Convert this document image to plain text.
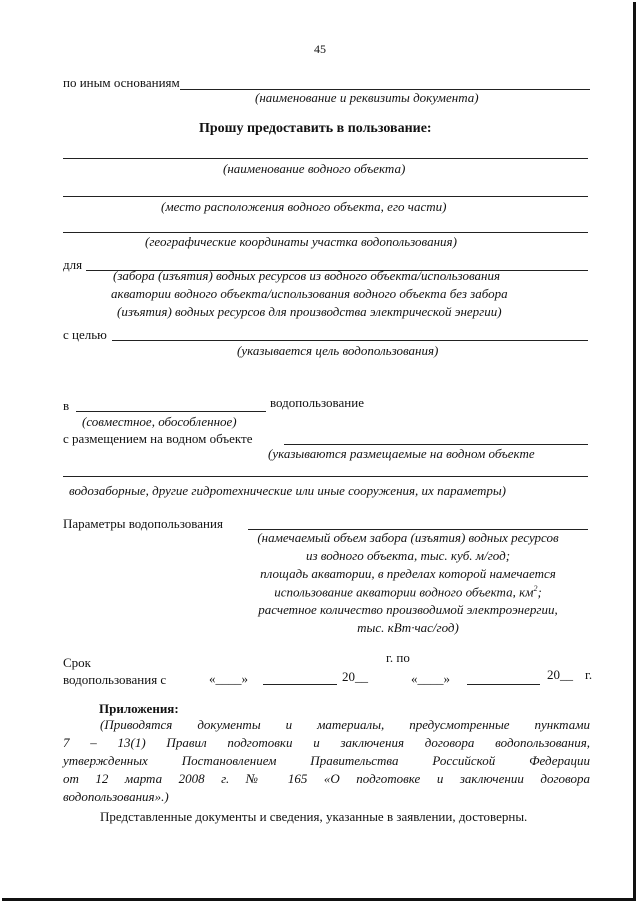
45
по иным основаниям
(наименование и реквизиты документа)
Прошу предоставить в пользование:
(наименование водного объекта)
(место расположения водного объекта, его части)
(географические координаты участка водопользования)
для
(забора (изъятия) водных ресурсов из водного объекта/использования
акватории водного объекта/использования водного объекта без забора
(изъятия) водных ресурсов для производства электрической энергии)
с целью
(указывается цель водопользования)
в	водопользование
(совместное, обособленное)
с размещением на водном объекте
(указываются размещаемые на водном объекте
водозаборные, другие гидротехнические или иные сооружения, их параметры)
Параметры водопользования
(намечаемый объем забора (изъятия) водных ресурсов
из водного объекта, тыс. куб. м/год;
площадь акватории, в пределах которой намечается
использование акватории водного объекта, $км^2$;
расчетное количество производимой электроэнергии,
тыс. кВт·час/год)
Срок	г. по
водопользования с	«____»	20__	«____»	20__ г.
Приложения:
(Приводятся документы и материалы, предусмотренные пунктами
7 – 13(1) Правил подготовки и заключения договора водопользования,
утвержденных Постановлением Правительства Российской Федерации
от 12 марта 2008 г. № 165 «О подготовке и заключении договора
водопользования».)
Представленные документы и сведения, указанные в заявлении, достоверны.
